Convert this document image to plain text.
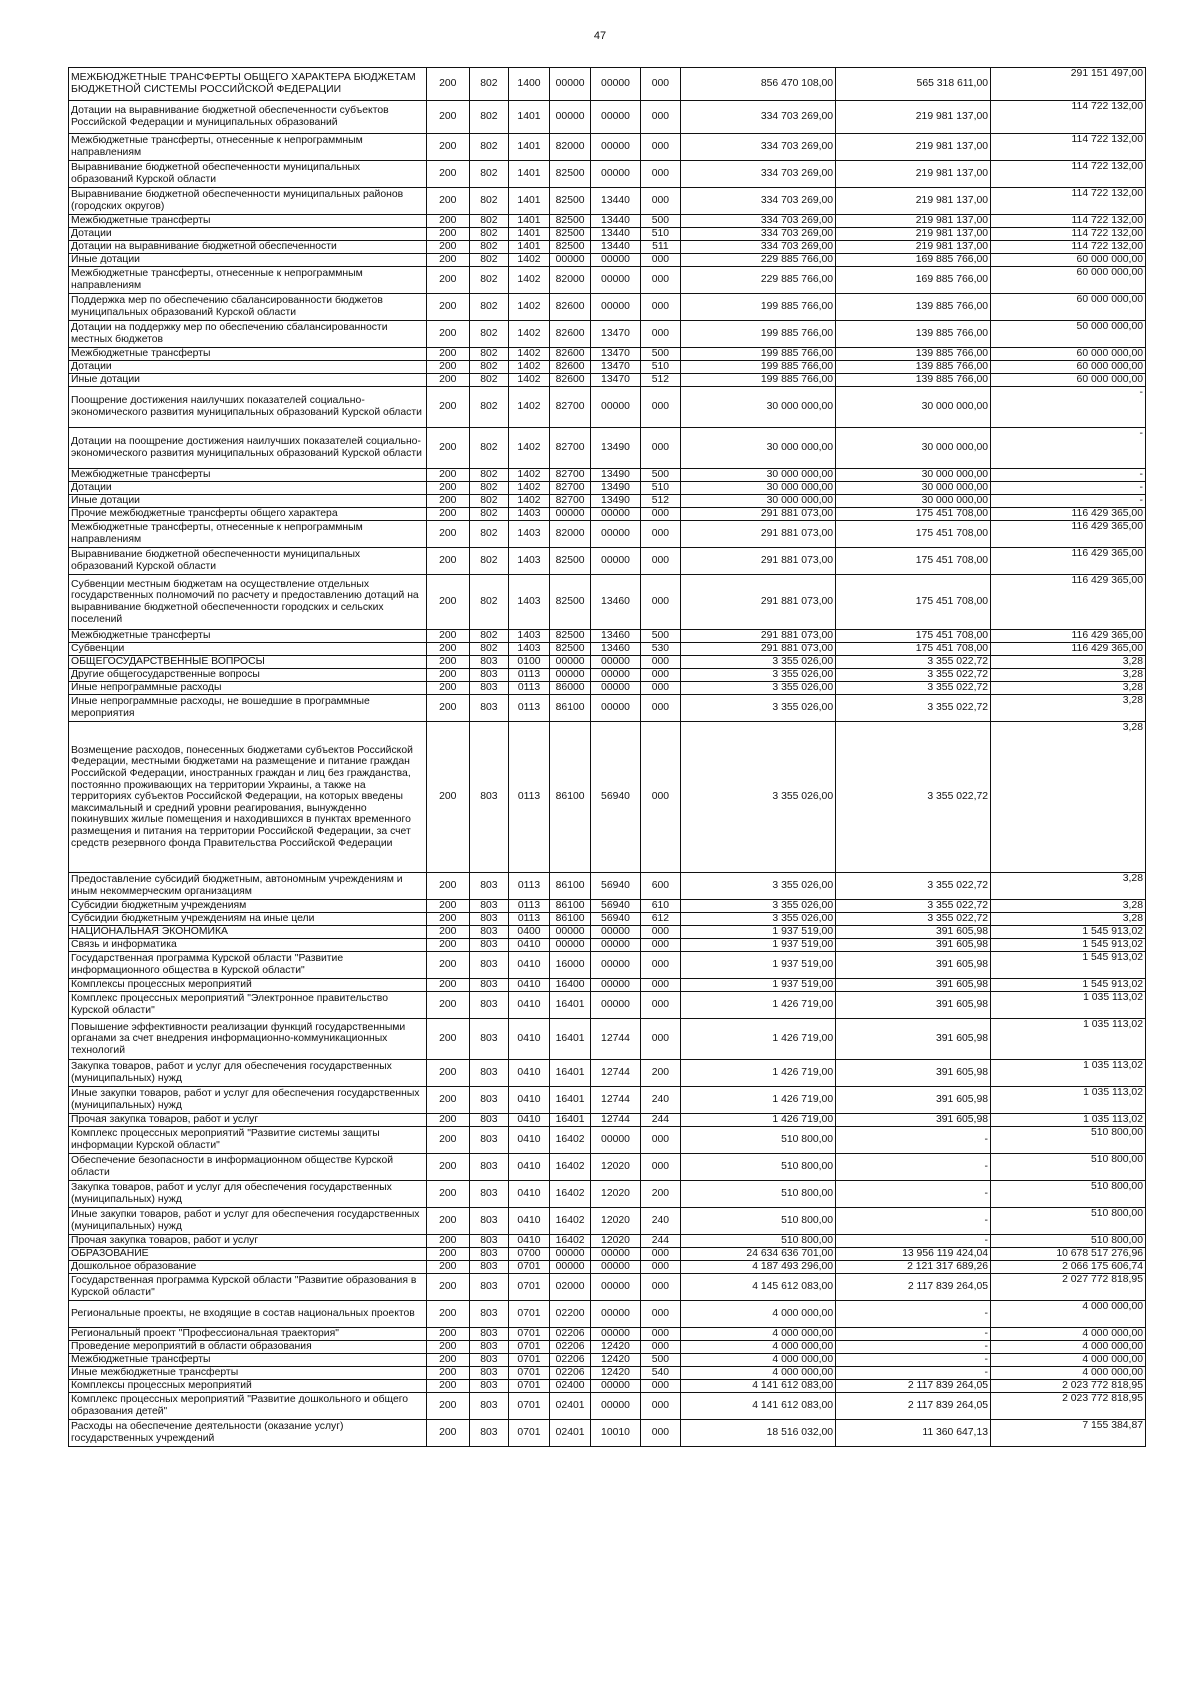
47
МЕЖБЮДЖЕТНЫЕ ТРАНСФЕРТЫ ОБЩЕГО ХАРАКТЕРА БЮДЖЕТАМ БЮДЖЕТНОЙ СИСТЕМЫ РОССИЙСКОЙ ФЕДЕРАЦИИ	200	802	1400	00000	00000	000	856 470 108,00	565 318 611,00	291 151 497,00
Дотации на выравнивание бюджетной обеспеченности субъектов Российской Федерации и муниципальных образований	200	802	1401	00000	00000	000	334 703 269,00	219 981 137,00	114 722 132,00
Межбюджетные трансферты, отнесенные к непрограммным направлениям	200	802	1401	82000	00000	000	334 703 269,00	219 981 137,00	114 722 132,00
Выравнивание бюджетной обеспеченности муниципальных образований Курской области	200	802	1401	82500	00000	000	334 703 269,00	219 981 137,00	114 722 132,00
Выравнивание бюджетной обеспеченности муниципальных районов (городских округов)	200	802	1401	82500	13440	000	334 703 269,00	219 981 137,00	114 722 132,00
Межбюджетные трансферты	200	802	1401	82500	13440	500	334 703 269,00	219 981 137,00	114 722 132,00
Дотации	200	802	1401	82500	13440	510	334 703 269,00	219 981 137,00	114 722 132,00
Дотации на выравнивание бюджетной обеспеченности	200	802	1401	82500	13440	511	334 703 269,00	219 981 137,00	114 722 132,00
Иные дотации	200	802	1402	00000	00000	000	229 885 766,00	169 885 766,00	60 000 000,00
Межбюджетные трансферты, отнесенные к непрограммным направлениям	200	802	1402	82000	00000	000	229 885 766,00	169 885 766,00	60 000 000,00
Поддержка мер по обеспечению сбалансированности бюджетов муниципальных образований Курской области	200	802	1402	82600	00000	000	199 885 766,00	139 885 766,00	60 000 000,00
Дотации на поддержку мер по обеспечению сбалансированности местных бюджетов	200	802	1402	82600	13470	000	199 885 766,00	139 885 766,00	50 000 000,00
Межбюджетные трансферты	200	802	1402	82600	13470	500	199 885 766,00	139 885 766,00	60 000 000,00
Дотации	200	802	1402	82600	13470	510	199 885 766,00	139 885 766,00	60 000 000,00
Иные дотации	200	802	1402	82600	13470	512	199 885 766,00	139 885 766,00	60 000 000,00
Поощрение достижения наилучших показателей социально-экономического развития муниципальных образований Курской области	200	802	1402	82700	00000	000	30 000 000,00	30 000 000,00	-
Дотации на поощрение достижения наилучших показателей социально-экономического развития муниципальных образований Курской области	200	802	1402	82700	13490	000	30 000 000,00	30 000 000,00	-
Межбюджетные трансферты	200	802	1402	82700	13490	500	30 000 000,00	30 000 000,00	-
Дотации	200	802	1402	82700	13490	510	30 000 000,00	30 000 000,00	-
Иные дотации	200	802	1402	82700	13490	512	30 000 000,00	30 000 000,00	-
Прочие межбюджетные трансферты общего характера	200	802	1403	00000	00000	000	291 881 073,00	175 451 708,00	116 429 365,00
Межбюджетные трансферты, отнесенные к непрограммным направлениям	200	802	1403	82000	00000	000	291 881 073,00	175 451 708,00	116 429 365,00
Выравнивание бюджетной обеспеченности муниципальных образований Курской области	200	802	1403	82500	00000	000	291 881 073,00	175 451 708,00	116 429 365,00
Субвенции местным бюджетам на осуществление отдельных государственных полномочий по расчету и предоставлению дотаций на выравнивание бюджетной обеспеченности городских и сельских поселений	200	802	1403	82500	13460	000	291 881 073,00	175 451 708,00	116 429 365,00
Межбюджетные трансферты	200	802	1403	82500	13460	500	291 881 073,00	175 451 708,00	116 429 365,00
Субвенции	200	802	1403	82500	13460	530	291 881 073,00	175 451 708,00	116 429 365,00
ОБЩЕГОСУДАРСТВЕННЫЕ ВОПРОСЫ	200	803	0100	00000	00000	000	3 355 026,00	3 355 022,72	3,28
Другие общегосударственные вопросы	200	803	0113	00000	00000	000	3 355 026,00	3 355 022,72	3,28
Иные непрограммные расходы	200	803	0113	86000	00000	000	3 355 026,00	3 355 022,72	3,28
Иные непрограммные расходы, не вошедшие в программные мероприятия	200	803	0113	86100	00000	000	3 355 026,00	3 355 022,72	3,28
Возмещение расходов, понесенных бюджетами субъектов Российской Федерации, местными бюджетами на размещение и питание граждан Российской Федерации, иностранных граждан и лиц без гражданства, постоянно проживающих на территории Украины, а также на территориях субъектов Российской Федерации, на которых введены максимальный и средний уровни реагирования, вынужденно покинувших жилые помещения и находившихся в пунктах временного размещения и питания на территории Российской Федерации, за счет средств резервного фонда Правительства Российской Федерации	200	803	0113	86100	56940	000	3 355 026,00	3 355 022,72	3,28
Предоставление субсидий бюджетным, автономным учреждениям и иным некоммерческим организациям	200	803	0113	86100	56940	600	3 355 026,00	3 355 022,72	3,28
Субсидии бюджетным учреждениям	200	803	0113	86100	56940	610	3 355 026,00	3 355 022,72	3,28
Субсидии бюджетным учреждениям на иные цели	200	803	0113	86100	56940	612	3 355 026,00	3 355 022,72	3,28
НАЦИОНАЛЬНАЯ ЭКОНОМИКА	200	803	0400	00000	00000	000	1 937 519,00	391 605,98	1 545 913,02
Связь и информатика	200	803	0410	00000	00000	000	1 937 519,00	391 605,98	1 545 913,02
Государственная программа Курской области "Развитие информационного общества в Курской области"	200	803	0410	16000	00000	000	1 937 519,00	391 605,98	1 545 913,02
Комплексы процессных мероприятий	200	803	0410	16400	00000	000	1 937 519,00	391 605,98	1 545 913,02
Комплекс процессных мероприятий "Электронное правительство Курской области"	200	803	0410	16401	00000	000	1 426 719,00	391 605,98	1 035 113,02
Повышение эффективности реализации функций государственными органами за счет внедрения информационно-коммуникационных технологий	200	803	0410	16401	12744	000	1 426 719,00	391 605,98	1 035 113,02
Закупка товаров, работ и услуг для обеспечения государственных (муниципальных) нужд	200	803	0410	16401	12744	200	1 426 719,00	391 605,98	1 035 113,02
Иные закупки товаров, работ и услуг для обеспечения государственных (муниципальных) нужд	200	803	0410	16401	12744	240	1 426 719,00	391 605,98	1 035 113,02
Прочая закупка товаров, работ и услуг	200	803	0410	16401	12744	244	1 426 719,00	391 605,98	1 035 113,02
Комплекс процессных мероприятий "Развитие системы защиты информации Курской области"	200	803	0410	16402	00000	000	510 800,00	-	510 800,00
Обеспечение безопасности в информационном обществе Курской области	200	803	0410	16402	12020	000	510 800,00	-	510 800,00
Закупка товаров, работ и услуг для обеспечения государственных (муниципальных) нужд	200	803	0410	16402	12020	200	510 800,00	-	510 800,00
Иные закупки товаров, работ и услуг для обеспечения государственных (муниципальных) нужд	200	803	0410	16402	12020	240	510 800,00	-	510 800,00
Прочая закупка товаров, работ и услуг	200	803	0410	16402	12020	244	510 800,00	-	510 800,00
ОБРАЗОВАНИЕ	200	803	0700	00000	00000	000	24 634 636 701,00	13 956 119 424,04	10 678 517 276,96
Дошкольное образование	200	803	0701	00000	00000	000	4 187 493 296,00	2 121 317 689,26	2 066 175 606,74
Государственная программа Курской области "Развитие образования в Курской области"	200	803	0701	02000	00000	000	4 145 612 083,00	2 117 839 264,05	2 027 772 818,95
Региональные проекты, не входящие в состав национальных проектов	200	803	0701	02200	00000	000	4 000 000,00	-	4 000 000,00
Региональный проект "Профессиональная траектория"	200	803	0701	02206	00000	000	4 000 000,00	-	4 000 000,00
Проведение мероприятий в области образования	200	803	0701	02206	12420	000	4 000 000,00	-	4 000 000,00
Межбюджетные трансферты	200	803	0701	02206	12420	500	4 000 000,00	-	4 000 000,00
Иные межбюджетные трансферты	200	803	0701	02206	12420	540	4 000 000,00	-	4 000 000,00
Комплексы процессных мероприятий	200	803	0701	02400	00000	000	4 141 612 083,00	2 117 839 264,05	2 023 772 818,95
Комплекс процессных мероприятий "Развитие дошкольного и общего образования детей"	200	803	0701	02401	00000	000	4 141 612 083,00	2 117 839 264,05	2 023 772 818,95
Расходы на обеспечение деятельности (оказание услуг) государственных учреждений	200	803	0701	02401	10010	000	18 516 032,00	11 360 647,13	7 155 384,87
